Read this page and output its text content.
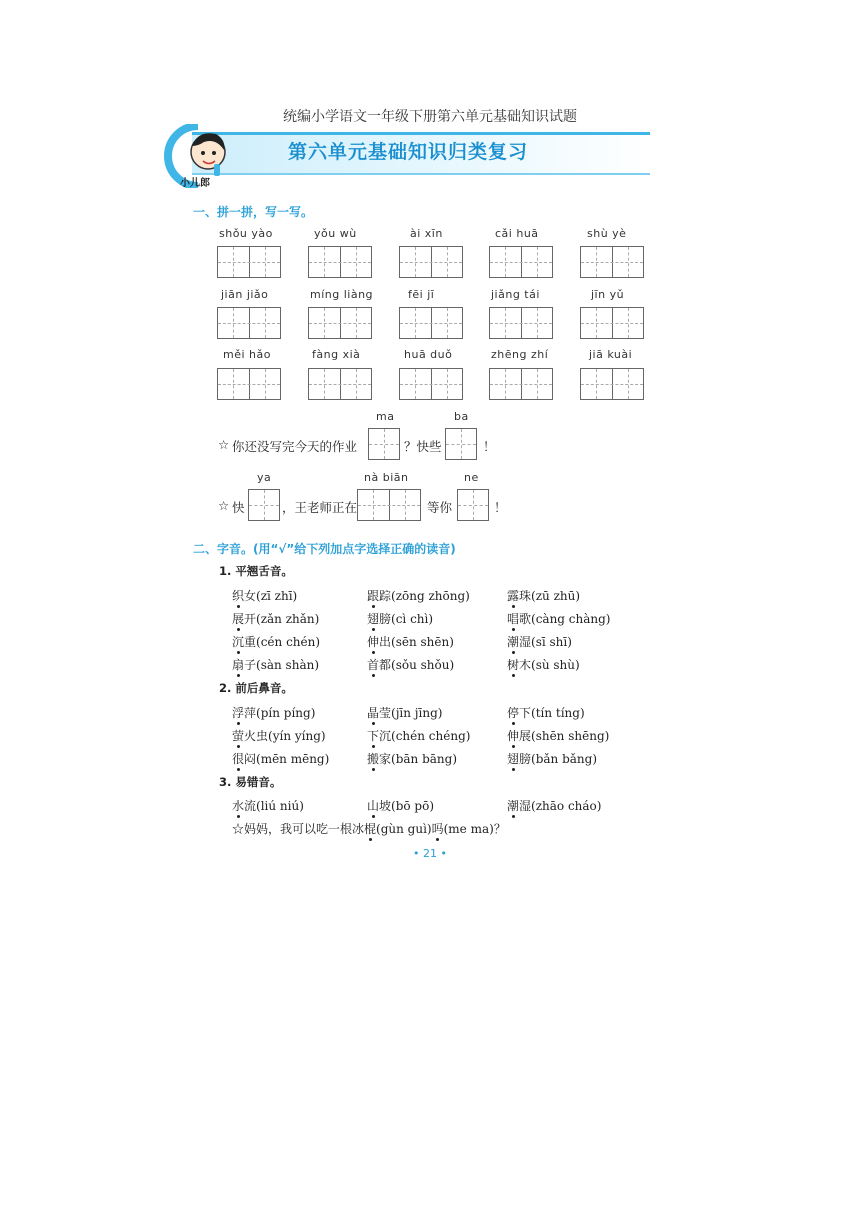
统编小学语文一年级下册第六单元基础知识试题
小儿郎
第六单元基础知识归类复习
一、拼一拼，写一写。
shǒu yào	yǒu wù	ài xīn	cǎi huā	shù yè
jiān jiǎo	míng liàng	fēi jī	jiǎng tái	jīn yǔ
měi hǎo	fàng xià	huā duǒ	zhēng zhí	jiā kuài
ma	ba
☆ 你还没写完今天的作业	？快些	！
ya	nà biān	ne
☆ 快	，王老师正在	等你	！
二、字音。(用“√”给下列加点字选择正确的读音)
1. 平翘舌音。
织女(zī zhī)	跟踪(zōng zhōng)	露珠(zū zhū)
展开(zǎn zhǎn)	翅膀(cì chì)	唱歌(càng chàng)
沉重(cén chén)	伸出(sēn shēn)	潮湿(sī shī)
扇子(sàn shàn)	首都(sǒu shǒu)	树木(sù shù)
2. 前后鼻音。
浮萍(pín píng)	晶莹(jīn jīng)	停下(tín tíng)
萤火虫(yín yíng)	下沉(chén chéng)	伸展(shēn shēng)
很闷(mēn mēng)	搬家(bān bāng)	翅膀(bǎn bǎng)
3. 易错音。
水流(liú niú)	山坡(bō pō)	潮湿(zhāo cháo)
☆妈妈，我可以吃一根冰棍(gùn guì)吗(me ma)？
• 21 •
